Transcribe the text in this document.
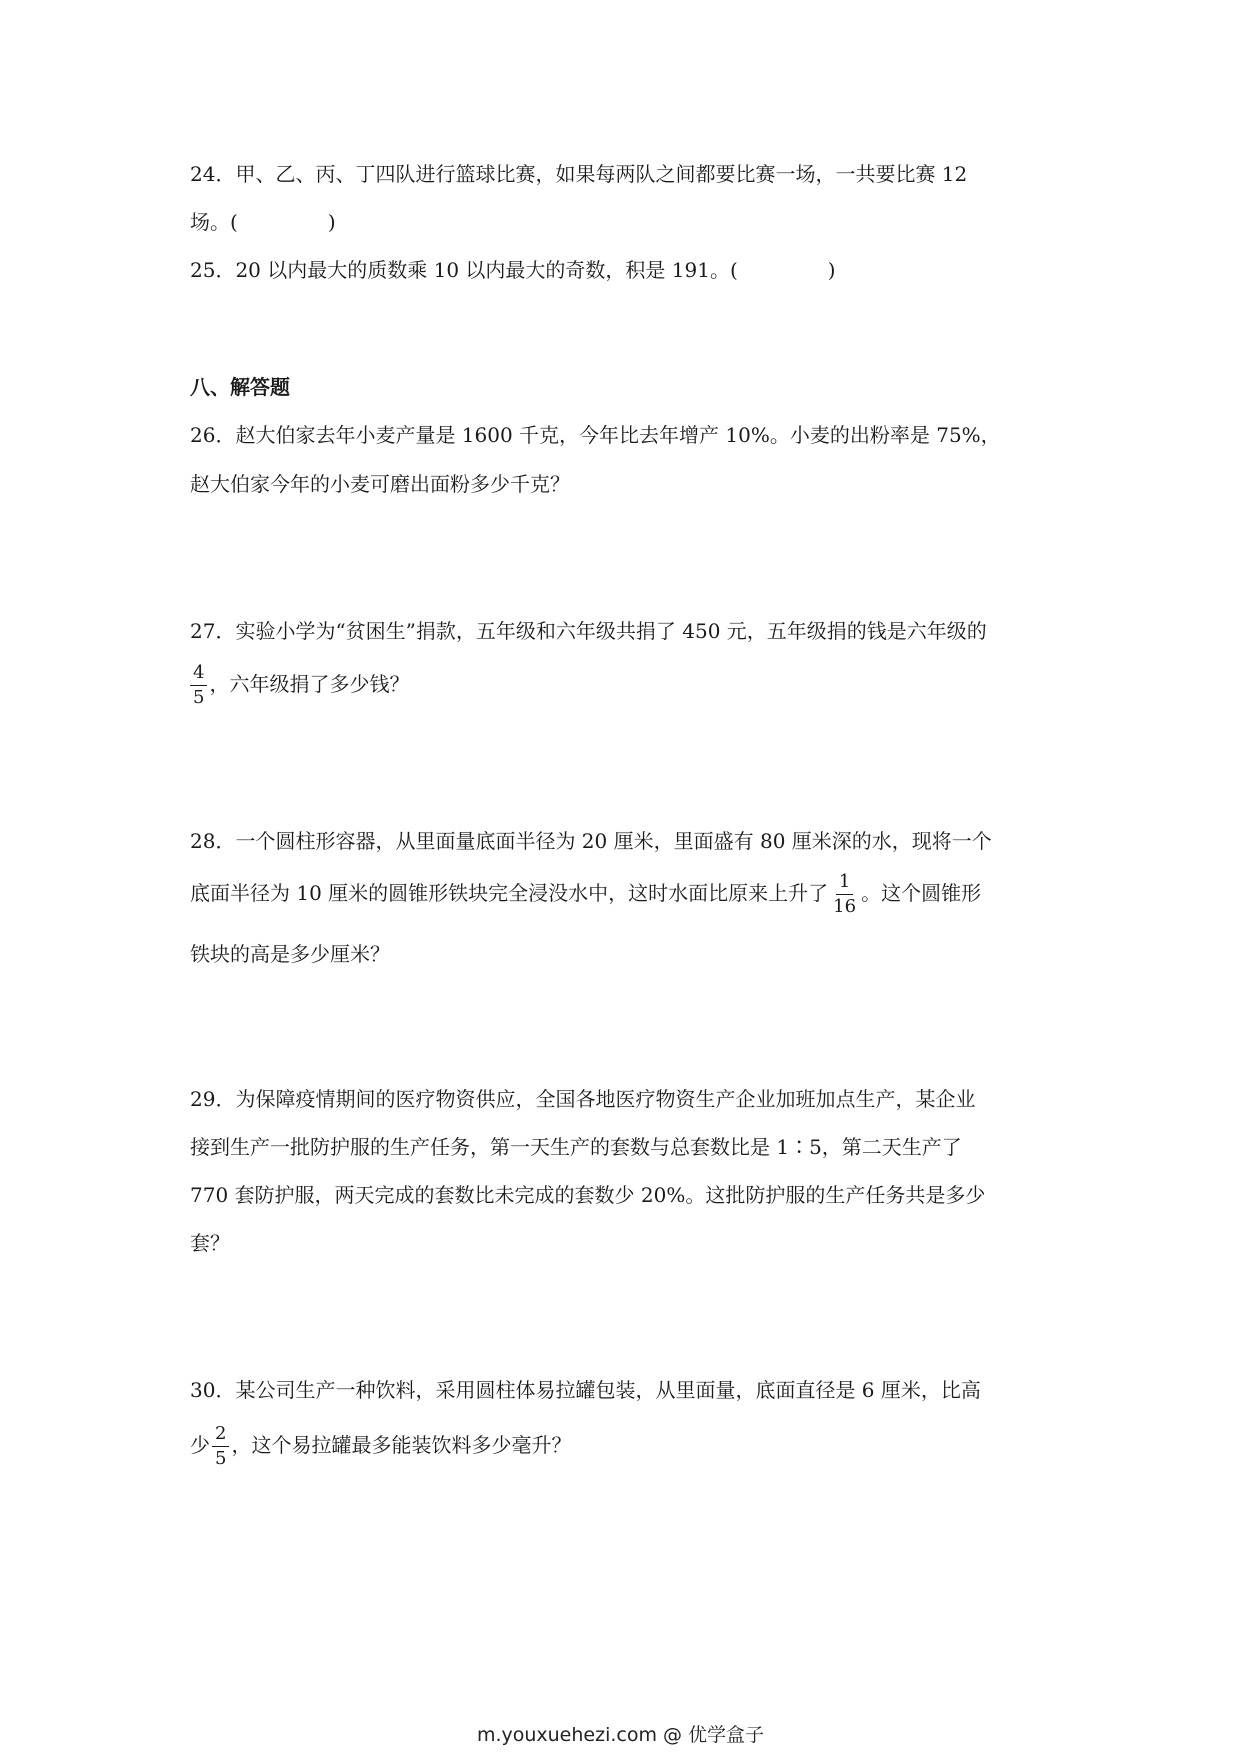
24．甲、乙、丙、丁四队进行篮球比赛，如果每两队之间都要比赛一场，一共要比赛 12
场。(	)
25．20 以内最大的质数乘 10 以内最大的奇数，积是 191。(	)
八、解答题
26．赵大伯家去年小麦产量是 1600 千克，今年比去年增产 10%。小麦的出粉率是 75%，
赵大伯家今年的小麦可磨出面粉多少千克？
27．实验小学为“贫困生”捐款，五年级和六年级共捐了 450 元，五年级捐的钱是六年级的
$\frac{4}{5}$ ，六年级捐了多少钱？
28．一个圆柱形容器，从里面量底面半径为 20 厘米，里面盛有 80 厘米深的水，现将一个
底面半径为 10 厘米的圆锥形铁块完全浸没水中，这时水面比原来上升了 $\frac{1}{16}$ 。这个圆锥形
铁块的高是多少厘米？
29．为保障疫情期间的医疗物资供应，全国各地医疗物资生产企业加班加点生产，某企业
接到生产一批防护服的生产任务，第一天生产的套数与总套数比是 1∶5，第二天生产了
770 套防护服，两天完成的套数比未完成的套数少 20%。这批防护服的生产任务共是多少
套？
30．某公司生产一种饮料，采用圆柱体易拉罐包装，从里面量，底面直径是 6 厘米，比高
少 $\frac{2}{5}$ ，这个易拉罐最多能装饮料多少毫升？
m.youxuehezi.com @ 优学盒子
